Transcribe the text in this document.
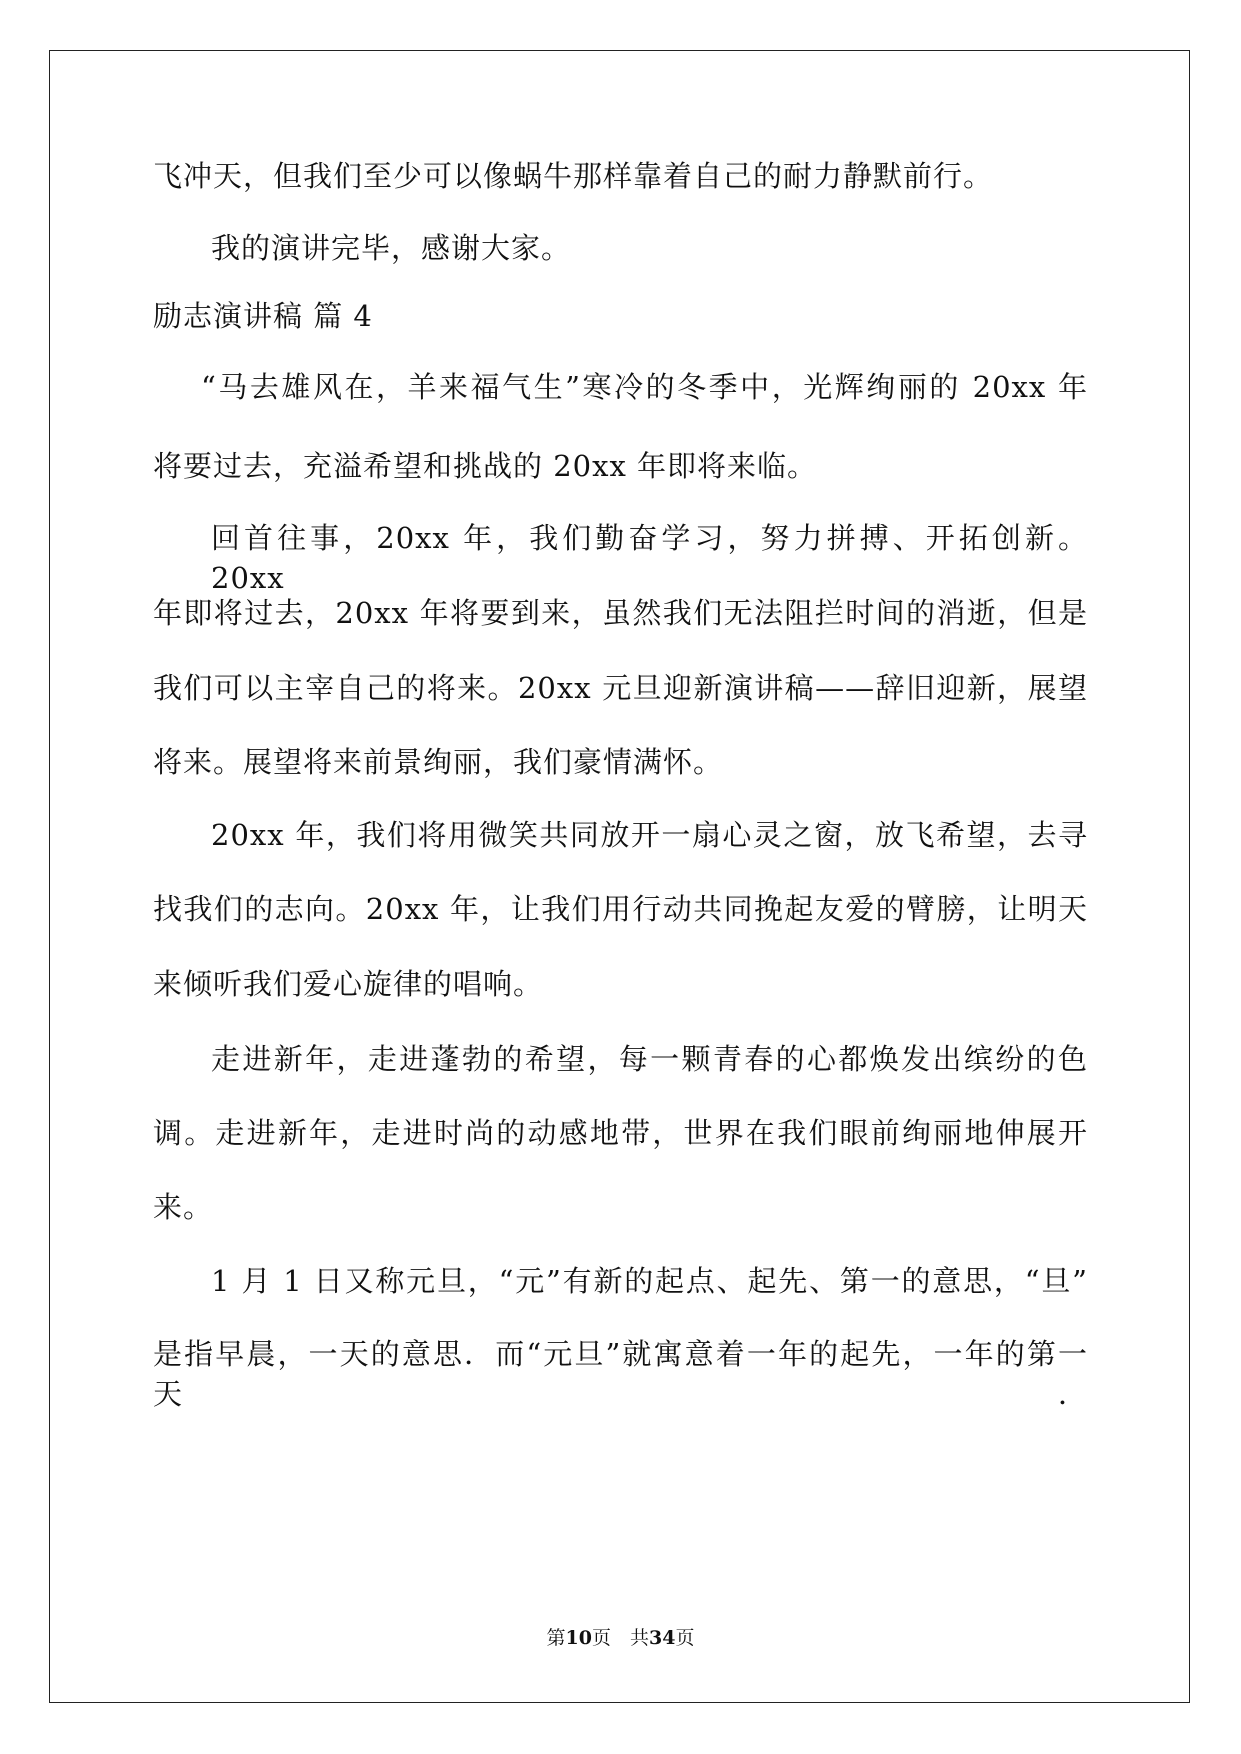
飞冲天，但我们至少可以像蜗牛那样靠着自己的耐力静默前行。
我的演讲完毕，感谢大家。
励志演讲稿 篇 4
“马去雄风在，羊来福气生”寒冷的冬季中，光辉绚丽的 20xx 年
将要过去，充溢希望和挑战的 20xx 年即将来临。
回首往事，20xx 年，我们勤奋学习，努力拼搏、开拓创新。20xx
年即将过去，20xx 年将要到来，虽然我们无法阻拦时间的消逝，但是
我们可以主宰自己的将来。20xx 元旦迎新演讲稿——辞旧迎新，展望
将来。展望将来前景绚丽，我们豪情满怀。
20xx 年，我们将用微笑共同放开一扇心灵之窗，放飞希望，去寻
找我们的志向。20xx 年，让我们用行动共同挽起友爱的臂膀，让明天
来倾听我们爱心旋律的唱响。
走进新年，走进蓬勃的希望，每一颗青春的心都焕发出缤纷的色
调。走进新年，走进时尚的动感地带，世界在我们眼前绚丽地伸展开
来。
1 月 1 日又称元旦，“元”有新的起点、起先、第一的意思，“旦”
是指早晨，一天的意思．而“元旦”就寓意着一年的起先，一年的第一天．
第10页　共34页
